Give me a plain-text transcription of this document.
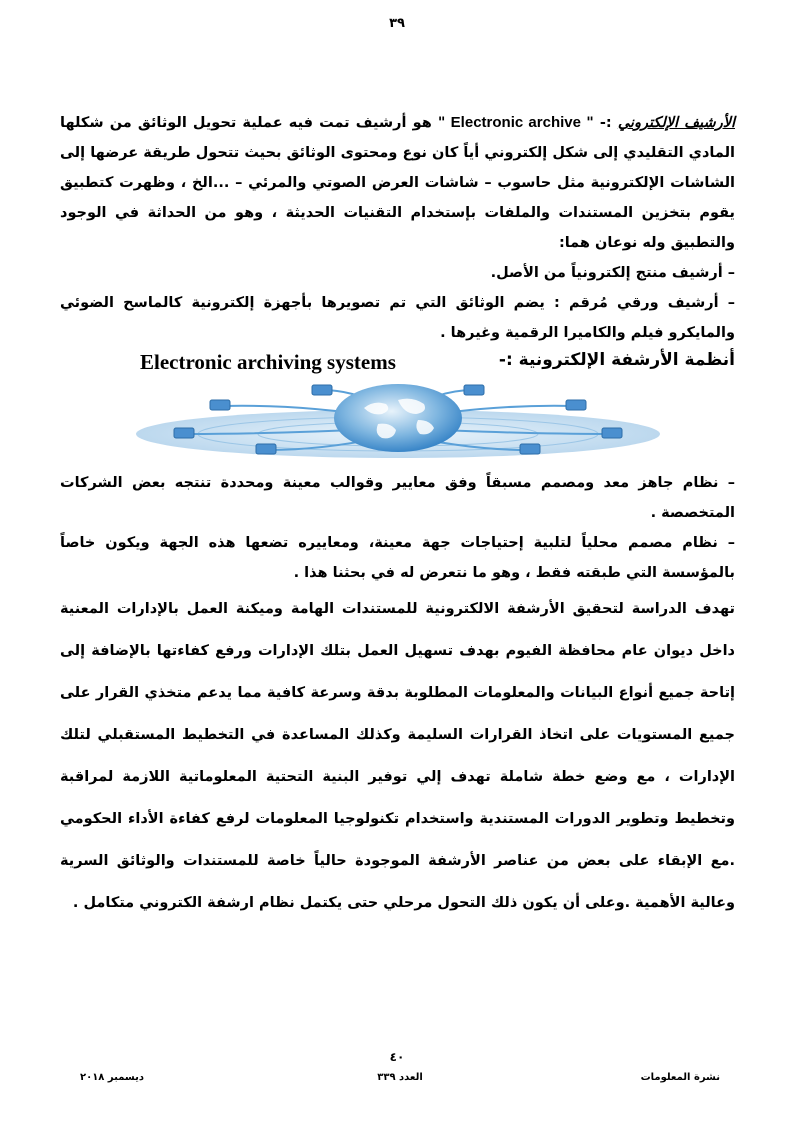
٣٩

الأرشيف الإلكتروني :- " Electronic archive " هو أرشيف تمت فيه عملية تحويل الوثائق من شكلها المادي التقليدي إلى شكل إلكتروني أياً كان نوع ومحتوى الوثائق بحيث تتحول طريقة عرضها إلى الشاشات الإلكترونية مثل حاسوب – شاشات العرض الصوتي والمرئي – ...الخ ، وظهرت كتطبيق يقوم بتخزين المستندات والملفات بإستخدام التقنيات الحديثة ، وهو من الحداثة في الوجود والتطبيق وله نوعان هما:

– أرشيف منتج إلكترونياً من الأصل.

– أرشيف ورقي مُرقم : يضم الوثائق التي تم تصويرها بأجهزة إلكترونية كالماسح الضوئي والمايكرو فيلم والكاميرا الرقمية وغيرها .

أنظمة الأرشفة الإلكترونية :-
Electronic archiving systems

– نظام جاهز معد ومصمم مسبقاً وفق معايير وقوالب معينة ومحددة تنتجه بعض الشركات المتخصصة .

– نظام مصمم محلياً لتلبية إحتياجات جهة معينة، ومعاييره تضعها هذه الجهة ويكون خاصاً بالمؤسسة التي طبقته فقط ، وهو ما نتعرض له في بحثنا هذا .

تهدف الدراسة لتحقيق الأرشفة الالكترونية للمستندات الهامة وميكنة العمل بالإدارات المعنية داخل ديوان عام محافظة الفيوم بهدف تسهيل العمل بتلك الإدارات ورفع كفاءتها بالإضافة إلى إتاحة جميع أنواع البيانات والمعلومات المطلوبة بدقة وسرعة كافية مما يدعم متخذي القرار على جميع المستويات على اتخاذ القرارات السليمة وكذلك المساعدة في التخطيط المستقبلي لتلك الإدارات ، مع وضع خطة شاملة تهدف إلي توفير البنية التحتية المعلوماتية اللازمة لمراقبة وتخطيط وتطوير الدورات المستندية واستخدام تكنولوجيا المعلومات لرفع كفاءة الأداء الحكومي .مع الإبقاء على بعض من عناصر الأرشفة الموجودة حالياً خاصة للمستندات والوثائق السرية وعالية الأهمية .وعلى أن يكون ذلك التحول مرحلي حتى يكتمل نظام ارشفة الكتروني متكامل .

٤٠
نشرة المعلومات
العدد ٣٣٩
ديسمبر ٢٠١٨
